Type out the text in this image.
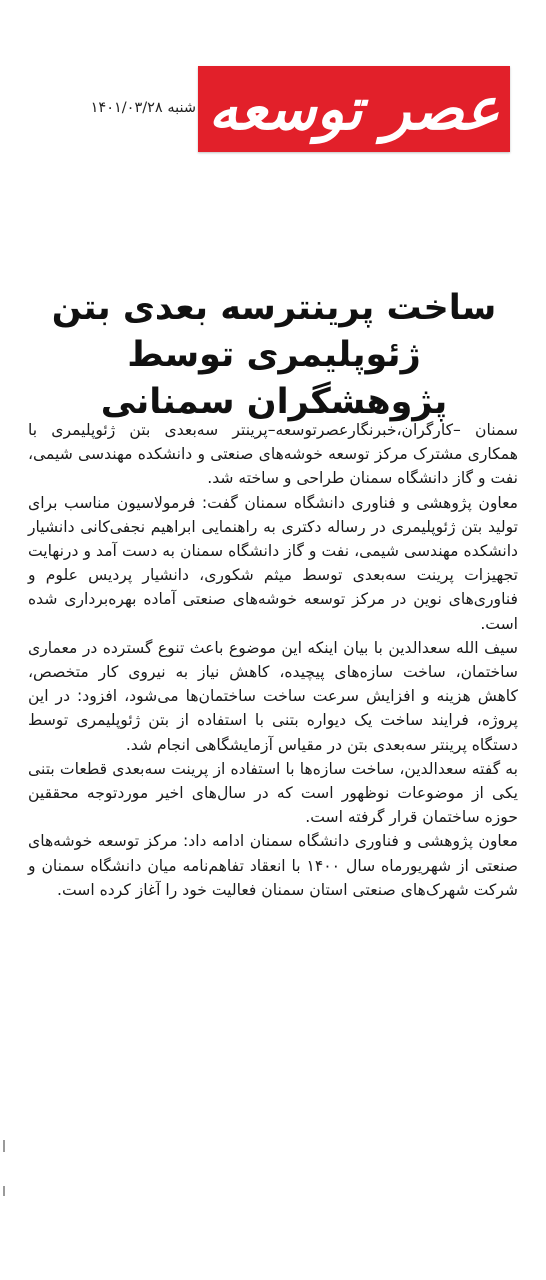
عصر توسعه
شنبه ۱۴۰۱/۰۳/۲۸
ساخت پرینترسه بعدی بتن ژئوپلیمری توسط پژوهشگران سمنانی

سمنان –کارگران،خبرنگارعصرتوسعه–پرینتر سه‌بعدی بتن ژئوپلیمری با همکاری مشترک مرکز توسعه خوشه‌های صنعتی و دانشکده مهندسی شیمی، نفت و گاز دانشگاه سمنان طراحی و ساخته شد.

معاون پژوهشی و فناوری دانشگاه سمنان گفت: فرمولاسیون مناسب برای تولید بتن ژئوپلیمری در رساله دکتری به راهنمایی ابراهیم نجفی‌کانی دانشیار دانشکده مهندسی شیمی، نفت و گاز دانشگاه سمنان به دست آمد و درنهایت تجهیزات پرینت سه‌بعدی توسط میثم شکوری، دانشیار پردیس علوم و فناوری‌های نوین در مرکز توسعه خوشه‌های صنعتی آماده بهره‌برداری شده است.

سیف الله سعدالدین با بیان اینکه این موضوع باعث تنوع گسترده در معماری ساختمان، ساخت سازه‌های پیچیده، کاهش نیاز به نیروی کار متخصص، کاهش هزینه و افزایش سرعت ساخت ساختمان‌ها می‌شود، افزود: در این پروژه، فرایند ساخت یک دیواره بتنی با استفاده از بتن ژئوپلیمری توسط دستگاه پرینتر سه‌بعدی بتن در مقیاس آزمایشگاهی انجام شد.

به گفته سعدالدین، ساخت سازه‌ها با استفاده از پرینت سه‌بعدی قطعات بتنی یکی از موضوعات نوظهور است که در سال‌های اخیر موردتوجه محققین حوزه ساختمان قرار گرفته است.

معاون پژوهشی و فناوری دانشگاه سمنان ادامه داد: مرکز توسعه خوشه‌های صنعتی از شهریورماه سال ۱۴۰۰ با انعقاد تفاهم‌نامه میان دانشگاه سمنان و شرکت شهرک‌های صنعتی استان سمنان فعالیت خود را آغاز کرده است.
